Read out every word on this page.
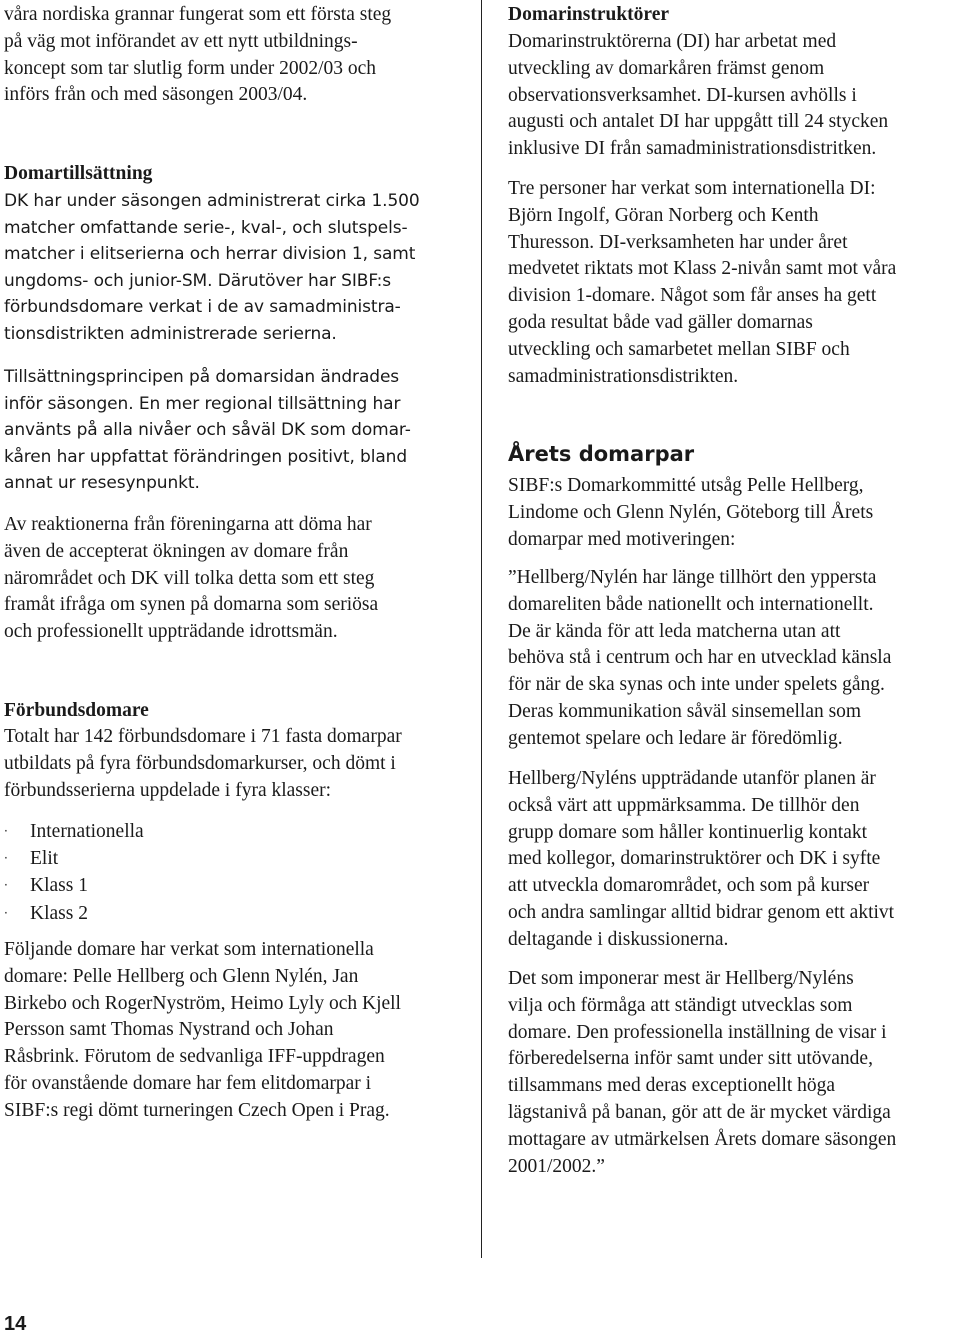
våra nordiska grannar fungerat som ett första steg
på väg mot införandet av ett nytt utbildnings-
koncept som tar slutlig form under 2002/03 och
införs från och med säsongen 2003/04.

Domartillsättning

DK har under säsongen administrerat cirka 1.500
matcher omfattande serie-, kval-, och slutspels-
matcher i elitserierna och herrar division 1, samt
ungdoms- och junior-SM. Därutöver har SIBF:s
förbundsdomare verkat i de av samadministra-
tionsdistrikten administrerade serierna.

Tillsättningsprincipen på domarsidan ändrades
inför säsongen. En mer regional tillsättning har
använts på alla nivåer och såväl DK som domar-
kåren har uppfattat förändringen positivt, bland
annat ur resesynpunkt.

Av reaktionerna från föreningarna att döma har
även de accepterat ökningen av domare från
närområdet och DK vill tolka detta som ett steg
framåt ifråga om synen på domarna som seriösa
och professionellt uppträdande idrottsmän.

Förbundsdomare

Totalt har 142 förbundsdomare i 71 fasta domarpar
utbildats på fyra förbundsdomarkurser, och dömt i
förbundsserierna uppdelade i fyra klasser:

· Internationella
· Elit
· Klass 1
· Klass 2

Följande domare har verkat som internationella
domare: Pelle Hellberg och Glenn Nylén, Jan
Birkebo och RogerNyström, Heimo Lyly och Kjell
Persson samt Thomas Nystrand och Johan
Råsbrink. Förutom de sedvanliga IFF-uppdragen
för ovanstående domare har fem elitdomarpar i
SIBF:s regi dömt turneringen Czech Open i Prag.

Domarinstruktörer

Domarinstruktörerna (DI) har arbetat med
utveckling av domarkåren främst genom
observationsverksamhet. DI-kursen avhölls i
augusti och antalet DI har uppgått till 24 stycken
inklusive DI från samadministrationsdistritken.

Tre personer har verkat som internationella DI:
Björn Ingolf, Göran Norberg och Kenth
Thuresson. DI-verksamheten har under året
medvetet riktats mot Klass 2-nivån samt mot våra
division 1-domare. Något som får anses ha gett
goda resultat både vad gäller domarnas
utveckling och samarbetet mellan SIBF och
samadministrationsdistrikten.

Årets domarpar

SIBF:s Domarkommitté utsåg Pelle Hellberg,
Lindome och Glenn Nylén, Göteborg till Årets
domarpar med motiveringen:

”Hellberg/Nylén har länge tillhört den yppersta
domareliten både nationellt och internationellt.
De är kända för att leda matcherna utan att
behöva stå i centrum och har en utvecklad känsla
för när de ska synas och inte under spelets gång.
Deras kommunikation såväl sinsemellan som
gentemot spelare och ledare är föredömlig.

Hellberg/Nyléns uppträdande utanför planen är
också värt att uppmärksamma. De tillhör den
grupp domare som håller kontinuerlig kontakt
med kollegor, domarinstruktörer och DK i syfte
att utveckla domarområdet, och som på kurser
och andra samlingar alltid bidrar genom ett aktivt
deltagande i diskussionerna.

Det som imponerar mest är Hellberg/Nyléns
vilja och förmåga att ständigt utvecklas som
domare. Den professionella inställning de visar i
förberedelserna inför samt under sitt utövande,
tillsammans med deras exceptionellt höga
lägstanivå på banan, gör att de är mycket värdiga
mottagare av utmärkelsen Årets domare säsongen
2001/2002.”

14
